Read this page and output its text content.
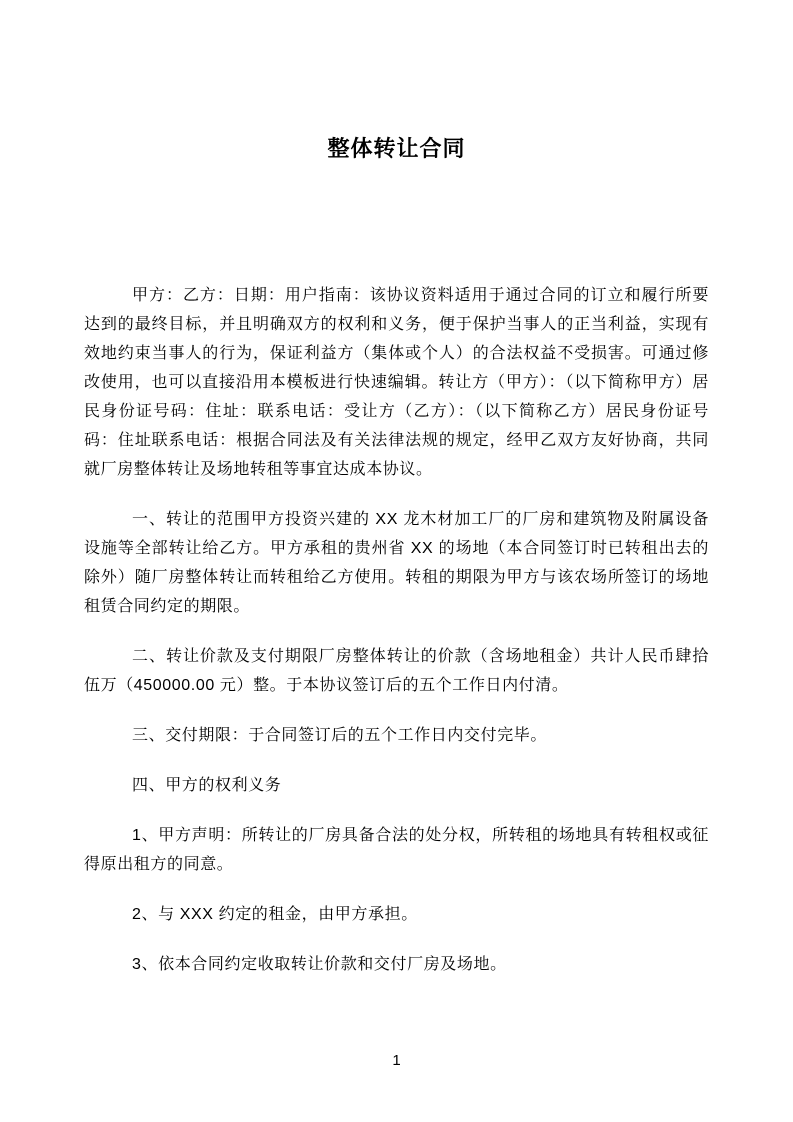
整体转让合同

甲方：乙方：日期：用户指南：该协议资料适用于通过合同的订立和履行所要达到的最终目标，并且明确双方的权利和义务，便于保护当事人的正当利益，实现有效地约束当事人的行为，保证利益方（集体或个人）的合法权益不受损害。可通过修改使用，也可以直接沿用本模板进行快速编辑。转让方（甲方）：（以下简称甲方）居民身份证号码：住址：联系电话：受让方（乙方）：（以下简称乙方）居民身份证号码：住址联系电话：根据合同法及有关法律法规的规定，经甲乙双方友好协商，共同就厂房整体转让及场地转租等事宜达成本协议。

一、转让的范围甲方投资兴建的 XX 龙木材加工厂的厂房和建筑物及附属设备设施等全部转让给乙方。甲方承租的贵州省 XX 的场地（本合同签订时已转租出去的除外）随厂房整体转让而转租给乙方使用。转租的期限为甲方与该农场所签订的场地租赁合同约定的期限。

二、转让价款及支付期限厂房整体转让的价款（含场地租金）共计人民币肆拾伍万（450000.00 元）整。于本协议签订后的五个工作日内付清。

三、交付期限：于合同签订后的五个工作日内交付完毕。

四、甲方的权利义务

1、甲方声明：所转让的厂房具备合法的处分权，所转租的场地具有转租权或征得原出租方的同意。

2、与 XXX 约定的租金，由甲方承担。

3、依本合同约定收取转让价款和交付厂房及场地。

1
